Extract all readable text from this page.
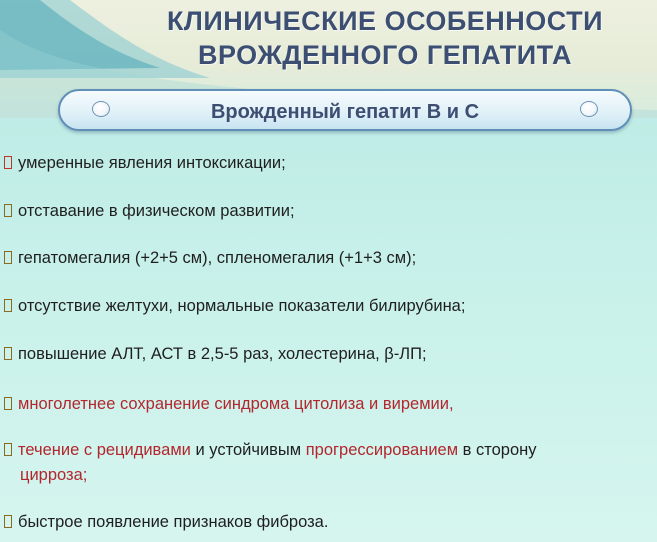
КЛИНИЧЕСКИЕ ОСОБЕННОСТИ
ВРОЖДЕННОГО ГЕПАТИТА
Врожденный гепатит В и С
умеренные явления интоксикации;
отставание в физическом развитии;
гепатомегалия (+2+5 см), спленомегалия (+1+3 см);
отсутствие желтухи, нормальные показатели билирубина;
повышение АЛТ, АСТ в 2,5-5 раз, холестерина, β-ЛП;
многолетнее сохранение синдрома цитолиза и виремии,
течение с рецидивами и устойчивым прогрессированием в сторону
цирроза;
быстрое появление признаков фиброза.
